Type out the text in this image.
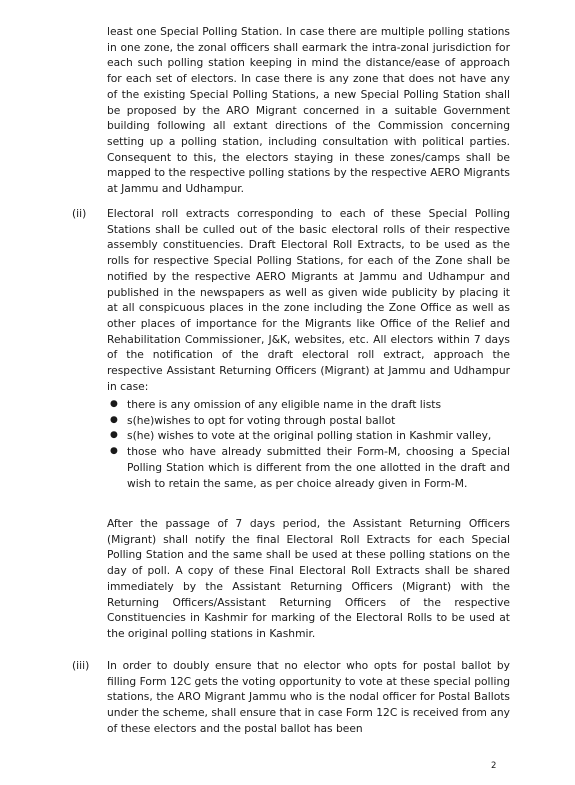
least one Special Polling Station. In case there are multiple polling stations in one zone, the zonal officers shall earmark the intra-zonal jurisdiction for each such polling station keeping in mind the distance/ease of approach for each set of electors. In case there is any zone that does not have any of the existing Special Polling Stations, a new Special Polling Station shall be proposed by the ARO Migrant concerned in a suitable Government building following all extant directions of the Commission concerning setting up a polling station, including consultation with political parties. Consequent to this, the electors staying in these zones/camps shall be mapped to the respective polling stations by the respective AERO Migrants at Jammu and Udhampur.

(ii) Electoral roll extracts corresponding to each of these Special Polling Stations shall be culled out of the basic electoral rolls of their respective assembly constituencies. Draft Electoral Roll Extracts, to be used as the rolls for respective Special Polling Stations, for each of the Zone shall be notified by the respective AERO Migrants at Jammu and Udhampur and published in the newspapers as well as given wide publicity by placing it at all conspicuous places in the zone including the Zone Office as well as other places of importance for the Migrants like Office of the Relief and Rehabilitation Commissioner, J&K, websites, etc. All electors within 7 days of the notification of the draft electoral roll extract, approach the respective Assistant Returning Officers (Migrant) at Jammu and Udhampur in case:

● there is any omission of any eligible name in the draft lists
● s(he)wishes to opt for voting through postal ballot
● s(he) wishes to vote at the original polling station in Kashmir valley,
● those who have already submitted their Form-M, choosing a Special Polling Station which is different from the one allotted in the draft and wish to retain the same, as per choice already given in Form-M.

After the passage of 7 days period, the Assistant Returning Officers (Migrant) shall notify the final Electoral Roll Extracts for each Special Polling Station and the same shall be used at these polling stations on the day of poll. A copy of these Final Electoral Roll Extracts shall be shared immediately by the Assistant Returning Officers (Migrant) with the Returning Officers/Assistant Returning Officers of the respective Constituencies in Kashmir for marking of the Electoral Rolls to be used at the original polling stations in Kashmir.

(iii) In order to doubly ensure that no elector who opts for postal ballot by filling Form 12C gets the voting opportunity to vote at these special polling stations, the ARO Migrant Jammu who is the nodal officer for Postal Ballots under the scheme, shall ensure that in case Form 12C is received from any of these electors and the postal ballot has been

2
